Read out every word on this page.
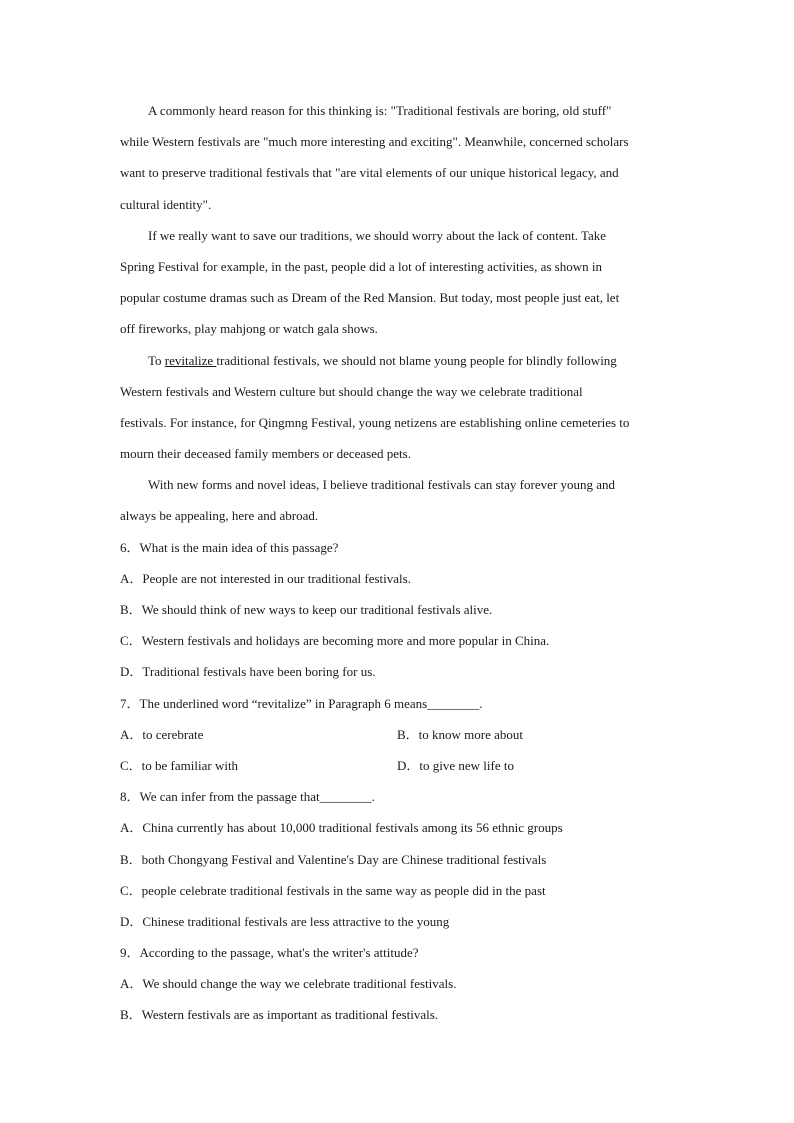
A commonly heard reason for this thinking is: "Traditional festivals are boring, old stuff"
while Western festivals are "much more interesting and exciting". Meanwhile, concerned scholars
want to preserve traditional festivals that "are vital elements of our unique historical legacy, and
cultural identity".
If we really want to save our traditions, we should worry about the lack of content. Take
Spring Festival for example, in the past, people did a lot of interesting activities, as shown in
popular costume dramas such as Dream of the Red Mansion. But today, most people just eat, let
off fireworks, play mahjong or watch gala shows.
To revitalize traditional festivals, we should not blame young people for blindly following
Western festivals and Western culture but should change the way we celebrate traditional
festivals. For instance, for Qingmng Festival, young netizens are establishing online cemeteries to
mourn their deceased family members or deceased pets.
With new forms and novel ideas, I believe traditional festivals can stay forever young and
always be appealing, here and abroad.
6．What is the main idea of this passage?
A．People are not interested in our traditional festivals.
B．We should think of new ways to keep our traditional festivals alive.
C．Western festivals and holidays are becoming more and more popular in China.
D．Traditional festivals have been boring for us.
7．The underlined word “revitalize” in Paragraph 6 means________.
A．to cerebrate	B．to know more about
C．to be familiar with	D．to give new life to
8．We can infer from the passage that________.
A．China currently has about 10,000 traditional festivals among its 56 ethnic groups
B．both Chongyang Festival and Valentine's Day are Chinese traditional festivals
C．people celebrate traditional festivals in the same way as people did in the past
D．Chinese traditional festivals are less attractive to the young
9．According to the passage, what's the writer's attitude?
A．We should change the way we celebrate traditional festivals.
B．Western festivals are as important as traditional festivals.
